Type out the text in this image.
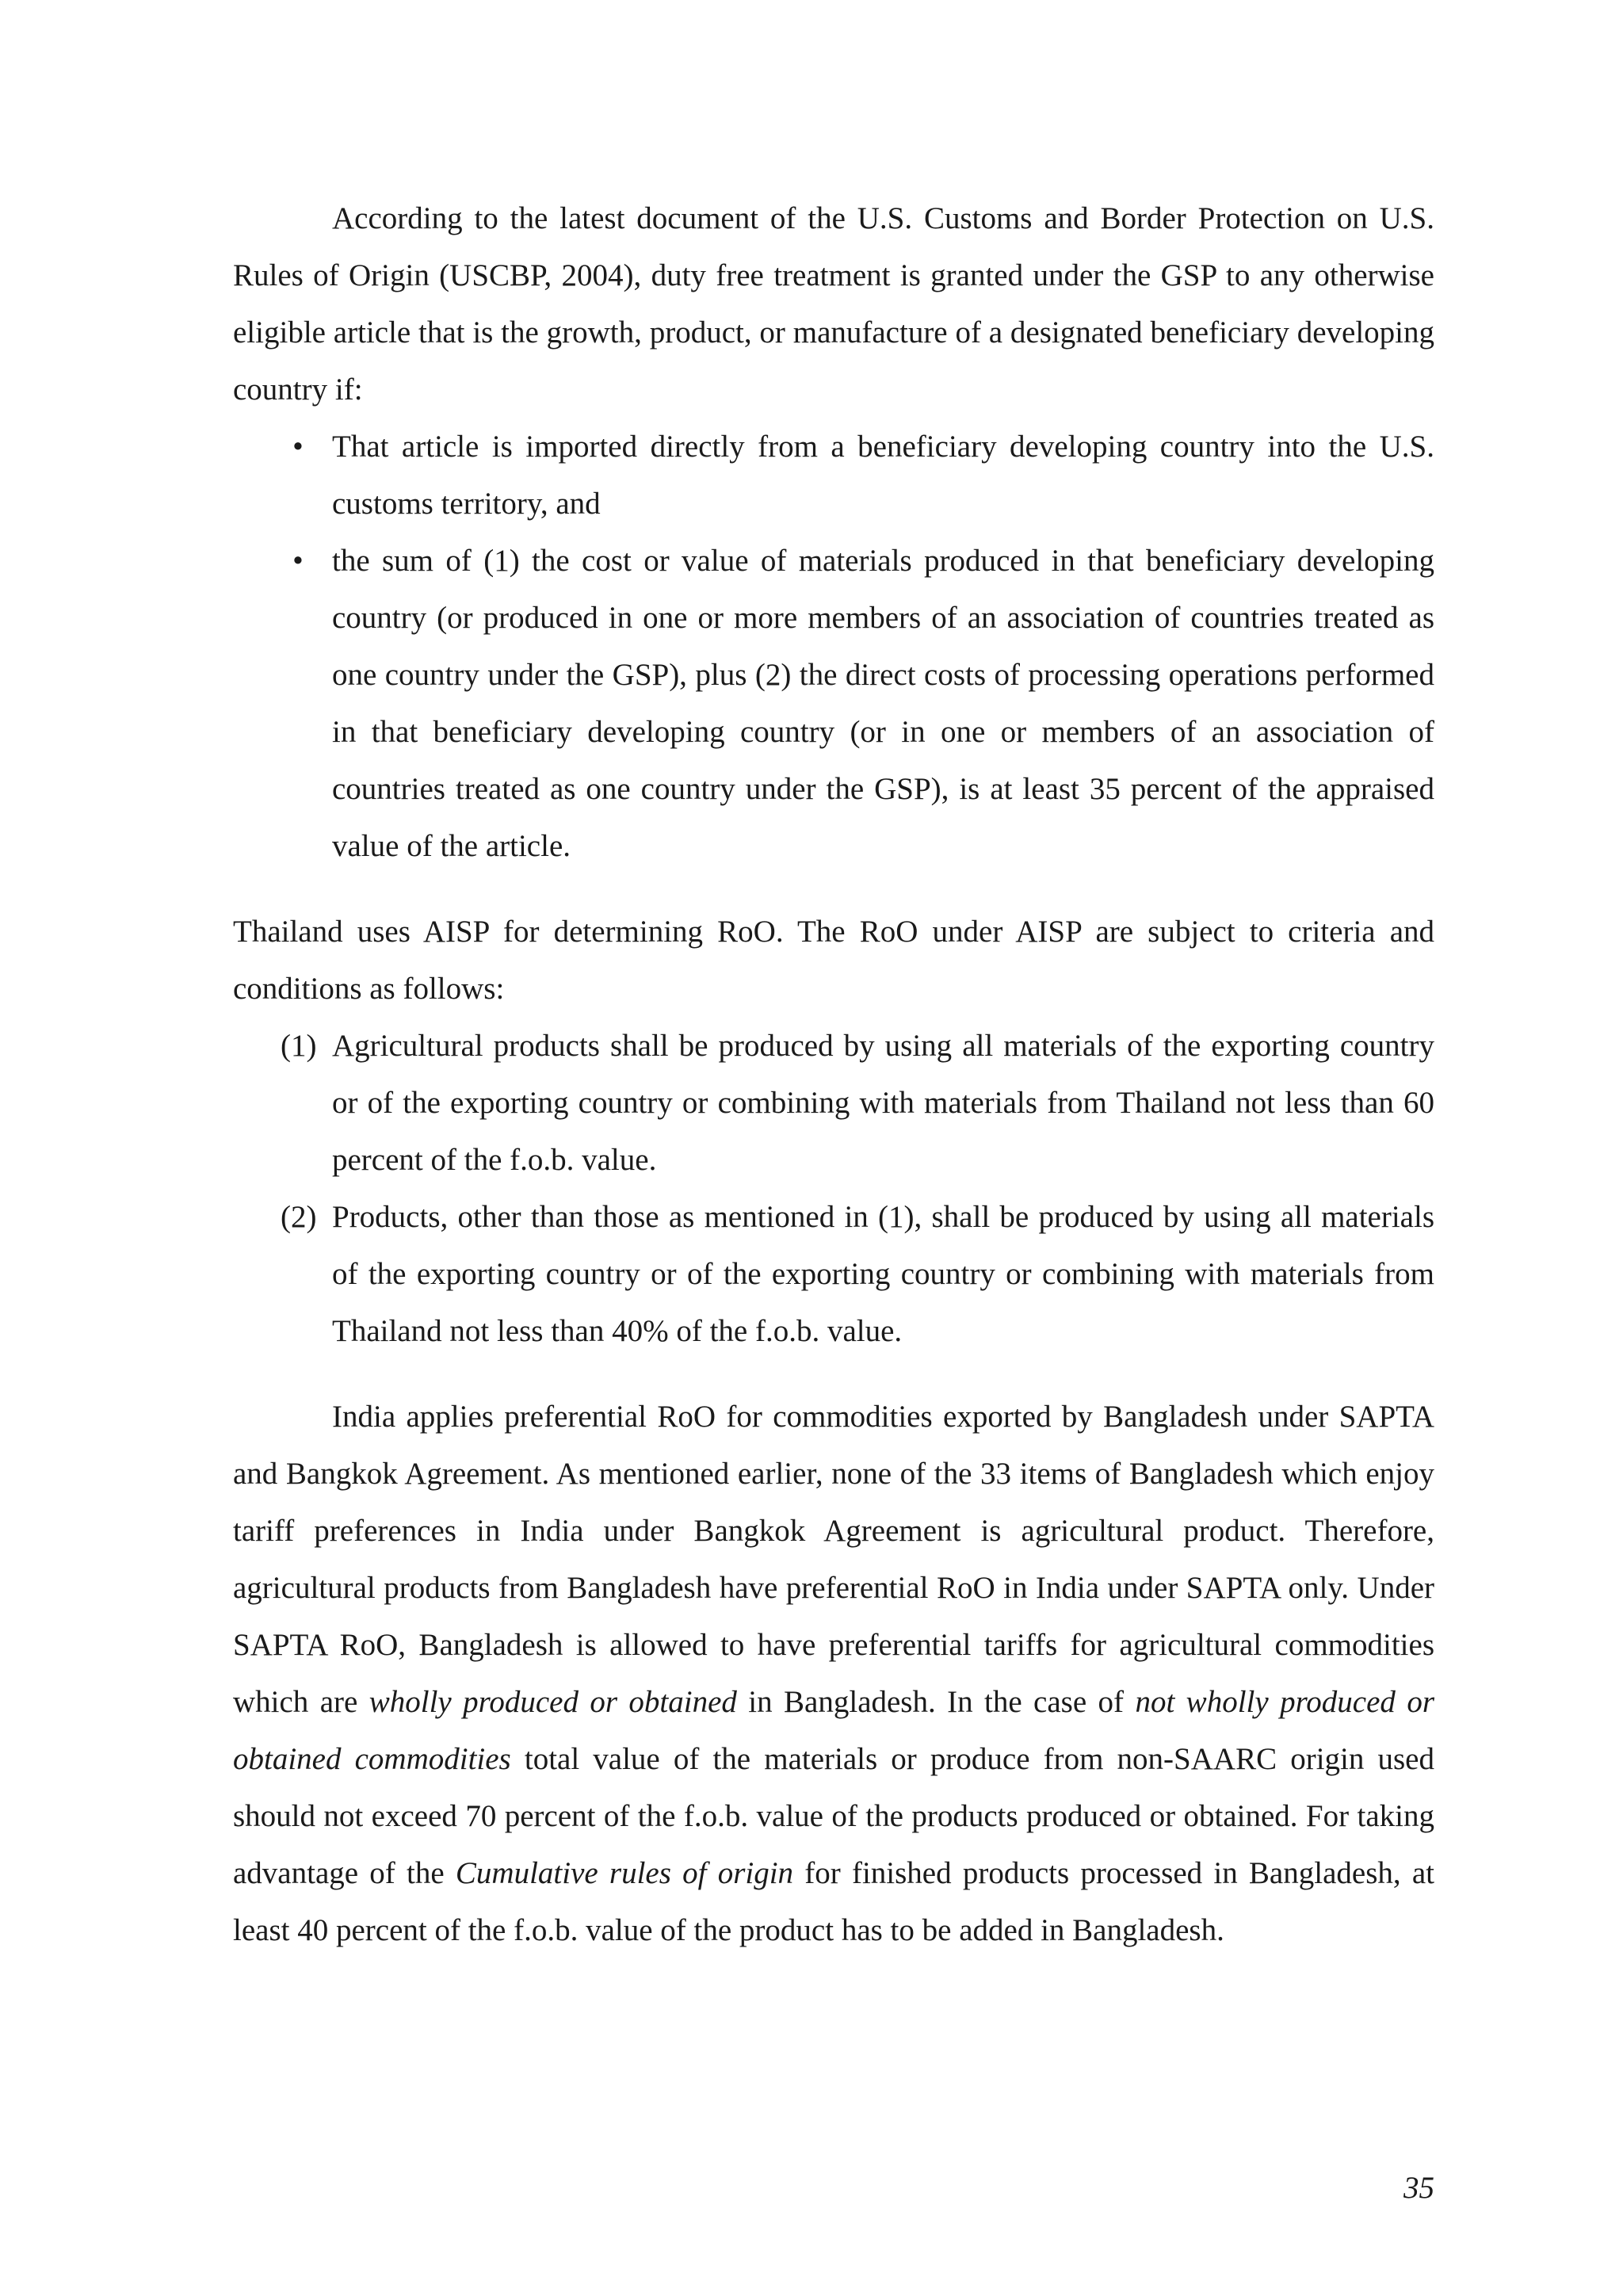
According to the latest document of the U.S. Customs and Border Protection on U.S. Rules of Origin (USCBP, 2004), duty free treatment is granted under the GSP to any otherwise eligible article that is the growth, product, or manufacture of a designated beneficiary developing country if:

• That article is imported directly from a beneficiary developing country into the U.S. customs territory, and
• the sum of (1) the cost or value of materials produced in that beneficiary developing country (or produced in one or more members of an association of countries treated as one country under the GSP), plus (2) the direct costs of processing operations performed in that beneficiary developing country (or in one or members of an association of countries treated as one country under the GSP), is at least 35 percent of the appraised value of the article.

Thailand uses AISP for determining RoO. The RoO under AISP are subject to criteria and conditions as follows:

(1) Agricultural products shall be produced by using all materials of the exporting country or of the exporting country or combining with materials from Thailand not less than 60 percent of the f.o.b. value.
(2) Products, other than those as mentioned in (1), shall be produced by using all materials of the exporting country or of the exporting country or combining with materials from Thailand not less than 40% of the f.o.b. value.

India applies preferential RoO for commodities exported by Bangladesh under SAPTA and Bangkok Agreement. As mentioned earlier, none of the 33 items of Bangladesh which enjoy tariff preferences in India under Bangkok Agreement is agricultural product. Therefore, agricultural products from Bangladesh have preferential RoO in India under SAPTA only. Under SAPTA RoO, Bangladesh is allowed to have preferential tariffs for agricultural commodities which are wholly produced or obtained in Bangladesh. In the case of not wholly produced or obtained commodities total value of the materials or produce from non-SAARC origin used should not exceed 70 percent of the f.o.b. value of the products produced or obtained. For taking advantage of the Cumulative rules of origin for finished products processed in Bangladesh, at least 40 percent of the f.o.b. value of the product has to be added in Bangladesh.

35
